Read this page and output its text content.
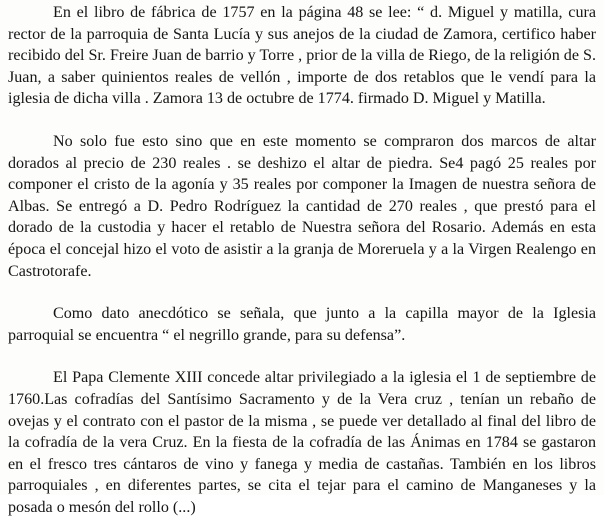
En el libro de fábrica de 1757 en la página 48 se lee: “ d. Miguel y matilla, cura rector de la parroquia de Santa Lucía y sus anejos de la ciudad de Zamora, certifico haber recibido del Sr. Freire Juan de barrio y Torre , prior de la villa de Riego, de la religión de S. Juan, a saber quinientos reales de vellón , importe de dos retablos que le vendí para la iglesia de dicha villa . Zamora 13 de octubre de 1774. firmado D. Miguel y Matilla.

No solo fue esto sino que en este momento se compraron dos marcos de altar dorados al precio de 230 reales . se deshizo el altar de piedra. Se4 pagó 25 reales por componer el cristo de la agonía y 35 reales por componer la Imagen de nuestra señora de Albas. Se entregó a D. Pedro Rodríguez la cantidad de 270 reales , que prestó para el dorado de la custodia y hacer el retablo de Nuestra señora del Rosario. Además en esta época el concejal hizo el voto de asistir a la granja de Moreruela y a la Virgen Realengo en Castrotorafe.

Como dato anecdótico se señala, que junto a la capilla mayor de la Iglesia parroquial se encuentra “ el negrillo grande, para su defensa”.

El Papa Clemente XIII concede altar privilegiado a la iglesia el 1 de septiembre de 1760.Las cofradías del Santísimo Sacramento y de la Vera cruz , tenían un rebaño de ovejas y el contrato con el pastor de la misma , se puede ver detallado al final del libro de la cofradía de la vera Cruz. En la fiesta de la cofradía de las Ánimas en 1784 se gastaron en el fresco tres cántaros de vino y fanega y media de castañas. También en los libros parroquiales , en diferentes partes, se cita el tejar para el camino de Manganeses y la posada o mesón del rollo (...)
